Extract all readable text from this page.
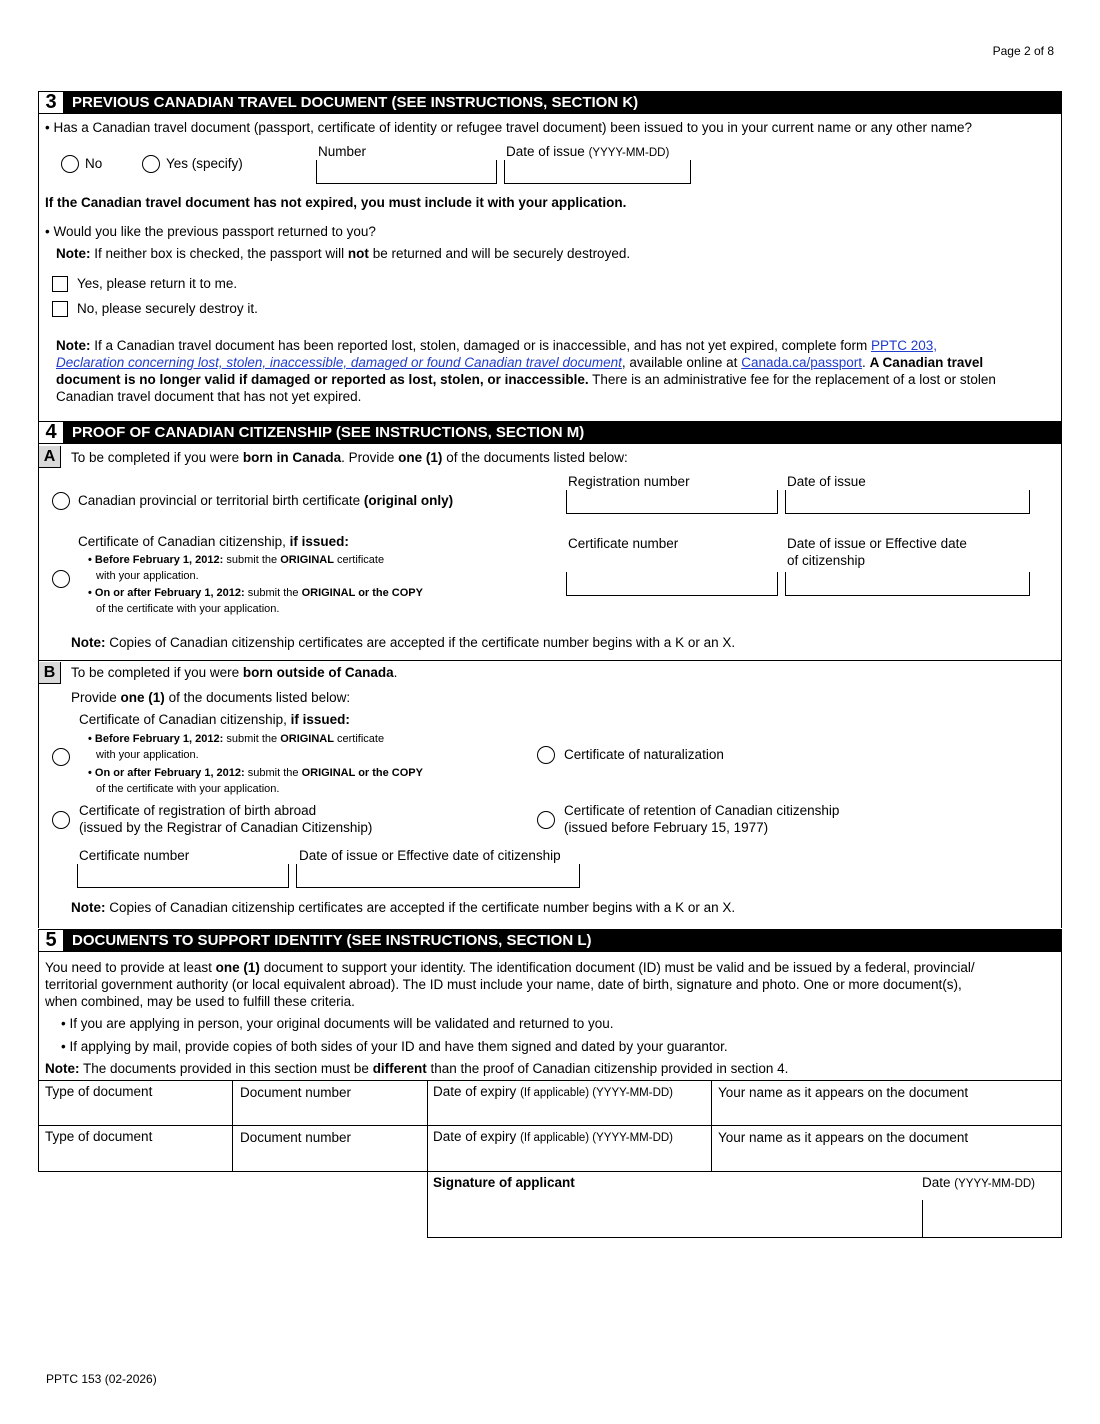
Page 2 of 8
3	PREVIOUS CANADIAN TRAVEL DOCUMENT (SEE INSTRUCTIONS, SECTION K)
• Has a Canadian travel document (passport, certificate of identity or refugee travel document) been issued to you in your current name or any other name?
No	Yes (specify)
Number	Date of issue (YYYY-MM-DD)
If the Canadian travel document has not expired, you must include it with your application.
• Would you like the previous passport returned to you?
Note: If neither box is checked, the passport will not be returned and will be securely destroyed.
Yes, please return it to me.
No, please securely destroy it.
Note: If a Canadian travel document has been reported lost, stolen, damaged or is inaccessible, and has not yet expired, complete form PPTC 203,
Declaration concerning lost, stolen, inaccessible, damaged or found Canadian travel document, available online at Canada.ca/passport. A Canadian travel
document is no longer valid if damaged or reported as lost, stolen, or inaccessible. There is an administrative fee for the replacement of a lost or stolen
Canadian travel document that has not yet expired.
4	PROOF OF CANADIAN CITIZENSHIP (SEE INSTRUCTIONS, SECTION M)
A	To be completed if you were born in Canada. Provide one (1) of the documents listed below:
Registration number	Date of issue
Canadian provincial or territorial birth certificate (original only)
Certificate of Canadian citizenship, if issued:
• Before February 1, 2012: submit the ORIGINAL certificate
with your application.
• On or after February 1, 2012: submit the ORIGINAL or the COPY
of the certificate with your application.
Certificate number	Date of issue or Effective date
of citizenship
Note: Copies of Canadian citizenship certificates are accepted if the certificate number begins with a K or an X.
B	To be completed if you were born outside of Canada.
Provide one (1) of the documents listed below:
Certificate of Canadian citizenship, if issued:
• Before February 1, 2012: submit the ORIGINAL certificate
with your application.
• On or after February 1, 2012: submit the ORIGINAL or the COPY
of the certificate with your application.
Certificate of naturalization
Certificate of registration of birth abroad
(issued by the Registrar of Canadian Citizenship)
Certificate of retention of Canadian citizenship
(issued before February 15, 1977)
Certificate number	Date of issue or Effective date of citizenship
Note: Copies of Canadian citizenship certificates are accepted if the certificate number begins with a K or an X.
5	DOCUMENTS TO SUPPORT IDENTITY (SEE INSTRUCTIONS, SECTION L)
You need to provide at least one (1) document to support your identity. The identification document (ID) must be valid and be issued by a federal, provincial/
territorial government authority (or local equivalent abroad). The ID must include your name, date of birth, signature and photo. One or more document(s),
when combined, may be used to fulfill these criteria.
• If you are applying in person, your original documents will be validated and returned to you.
• If applying by mail, provide copies of both sides of your ID and have them signed and dated by your guarantor.
Note: The documents provided in this section must be different than the proof of Canadian citizenship provided in section 4.
Type of document	Document number	Date of expiry (If applicable) (YYYY-MM-DD)	Your name as it appears on the document
Type of document	Document number	Date of expiry (If applicable) (YYYY-MM-DD)	Your name as it appears on the document
Signature of applicant	Date (YYYY-MM-DD)
PPTC 153 (02-2026)
